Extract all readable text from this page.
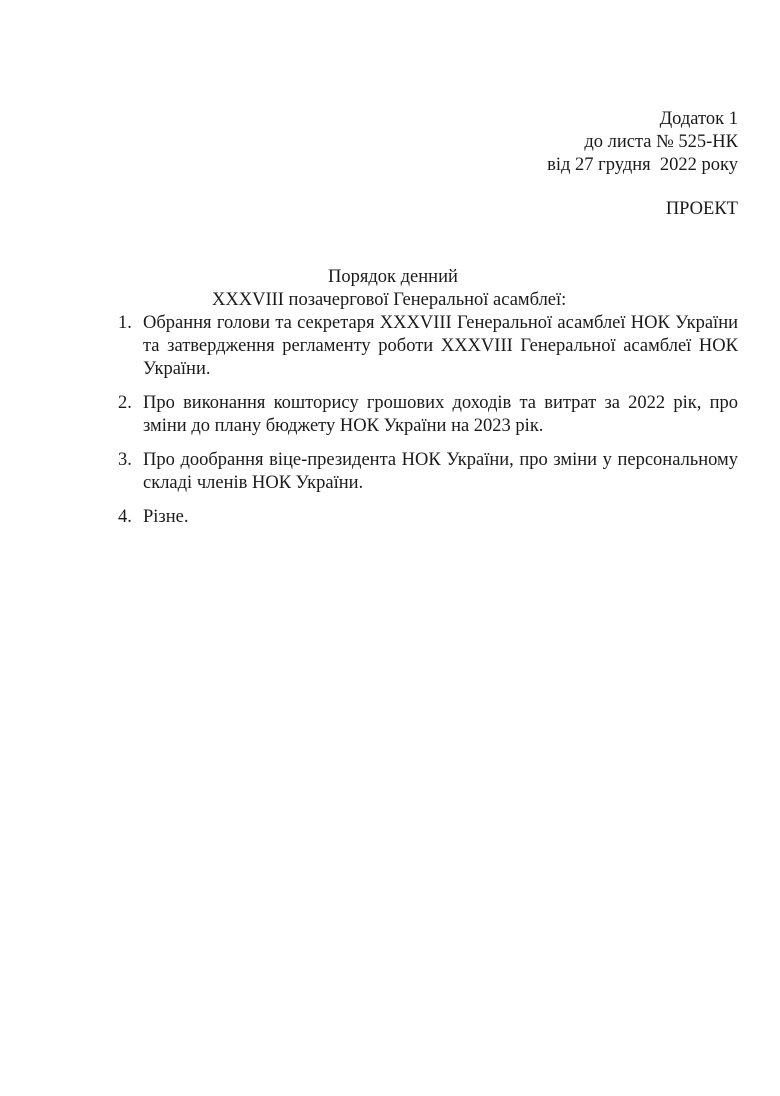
Додаток 1
до листа № 525-НК
від 27 грудня  2022 року
ПРОЕКТ
Порядок денний
XXXVIII позачергової Генеральної асамблеї:
1. Обрання голови та секретаря XXXVIII Генеральної асамблеї НОК України та затвердження регламенту роботи XXXVIII Генеральної асамблеї НОК України.
2. Про виконання кошторису грошових доходів та витрат за 2022 рік, про зміни до плану бюджету НОК України на 2023 рік.
3. Про дообрання віце-президента НОК України, про зміни у персональному складі членів НОК України.
4. Різне.
